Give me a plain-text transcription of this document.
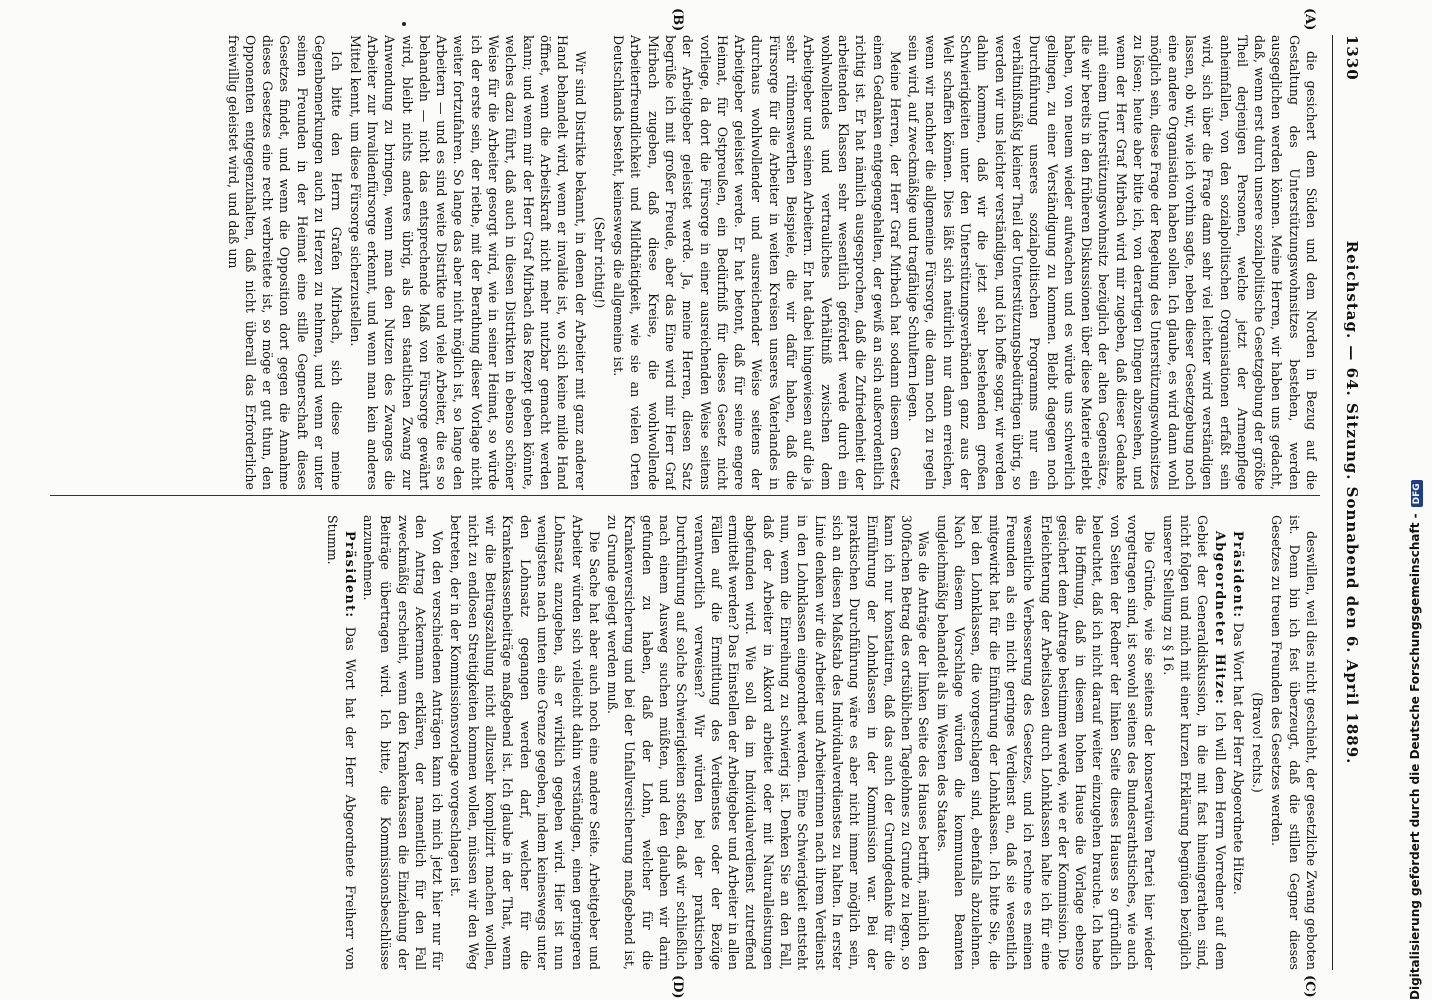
1330
Reichstag. — 64. Sitzung. Sonnabend den 6. April 1889.
(A)
(B)
(C)
(D)

die gesichert dem Süden und dem Norden in Bezug auf die Gestaltung des Unterstützungswohnsitzes bestehen, werden ausgeglichen werden können. Meine Herren, wir haben uns gedacht, daß, wenn erst durch unsere sozialpolitische Gesetzgebung der größte Theil derjenigen Personen, welche jetzt der Armenpflege anheimfallen, von den sozialpolitischen Organisationen erfaßt sein wird, sich über die Frage dann sehr viel leichter wird verständigen lassen, ob wir, wie ich vorhin sagte, neben dieser Gesetzgebung noch eine andere Organisation haben sollen. Ich glaube, es wird dann wohl möglich sein, diese Frage der Regelung des Unterstützungswohnsitzes zu lösen; heute aber bitte ich, von derartigen Dingen abzusehen, und wenn der Herr Graf Mirbach wird mir zugeben, daß dieser Gedanke mit einem Unterstützungswohnsitz bezüglich der alten Gegensätze, die wir bereits in den früheren Diskussionen über diese Materie erlebt haben, von neuem wieder aufwachen und es würde uns schwerlich gelingen, zu einer Verständigung zu kommen. Bleibt dagegen noch Durchführung unseres sozialpolitischen Programms nur ein verhältnißmäßig kleiner Theil der Unterstützungsbedürftigen übrig, so werden wir uns leichter verständigen, und ich hoffe sogar, wir werden dahin kommen, daß wir die jetzt sehr bestehenden großen Schwierigkeiten unter den Unterstützungsverbänden ganz aus der Welt schaffen können. Dies läßt sich natürlich nur dann erreichen, wenn wir nachher die allgemeine Fürsorge, die dann noch zu regeln sein wird, auf zweckmäßige und tragfähige Schultern legen.

Meine Herren, der Herr Graf Mirbach hat sodann diesem Gesetz einen Gedanken entgegengehalten, der gewiß an sich außerordentlich richtig ist. Er hat nämlich ausgesprochen, daß die Zufriedenheit der arbeitenden Klassen sehr wesentlich gefördert werde durch ein wohlwollendes und vertrauliches Verhältniß zwischen dem Arbeitgeber und seinen Arbeitern. Er hat dabei hingewiesen auf die ja sehr rühmenswerthen Beispiele, die wir dafür haben, daß die Fürsorge für die Arbeiter in weiten Kreisen unseres Vaterlandes in durchaus wohlwollender und ausreichender Weise seitens der Arbeitgeber geleistet werde. Er hat betont, daß für seine engere Heimat, für Ostpreußen, ein Bedürfniß für dieses Gesetz nicht vorliege, da dort die Fürsorge in einer ausreichenden Weise seitens der Arbeitgeber geleistet werde. Ja, meine Herren, diesen Satz begrüße ich mit großer Freude, aber das Eine wird mir Herr Graf Mirbach zugeben, daß diese Kreise, die wohlwollende Arbeiterfreundlichkeit und Mildthätigkeit, wie sie an vielen Orten Deutschlands besteht, keineswegs die allgemeine ist.

(Sehr richtig!)

Wir sind Distrikte bekannt, in denen der Arbeiter mit ganz anderer Hand behandelt wird, wenn er invalide ist, wo sich keine milde Hand öffnet, wenn die Arbeitskraft nicht mehr nutzbar gemacht werden kann; und wenn mir der Herr Graf Mirbach das Rezept geben könnte, welches dazu führt, daß auch in diesen Distrikten in ebenso schöner Weise für die Arbeiter gesorgt wird, wie in seiner Heimat, so würde ich der erste sein, der riethe, mit der Berathung dieser Vorlage nicht weiter fortzufahren. So lange das aber nicht möglich ist, so lange den Arbeitern — und es sind weite Distrikte und viele Arbeiter, die es so behandeln — nicht das entsprechende Maß von Fürsorge gewährt wird, bleibt nichts anderes übrig, als den staatlichen Zwang zur Anwendung zu bringen, wenn man den Nutzen des Zwanges die Arbeiter zur Invalidenfürsorge erkennt, und wenn man kein anderes Mittel kennt, um diese Fürsorge sicherzustellen.

Ich bitte den Herrn Grafen Mirbach, sich diese meine Gegenbemerkungen auch zu Herzen zu nehmen, und wenn er unter seinen Freunden in der Heimat eine stille Gegnerschaft dieses Gesetzes findet, und wenn die Opposition dort gegen die Annahme dieses Gesetzes eine recht verbreitete ist, so möge er gut thun, den Opponenten entgegenzuhalten, daß nicht überall das Erforderliche freiwillig geleistet wird, und daß um

deswillen, weil dies nicht geschieht, der gesetzliche Zwang geboten ist. Denn bin ich fest überzeugt, daß die stillen Gegner dieses Gesetzes zu treuen Freunden des Gesetzes werden.

(Bravo! rechts.)

Präsident: Das Wort hat der Herr Abgeordnete Hitze.

Abgeordneter Hitze: Ich will dem Herrn Vorredner auf dem Gebiet der Generaldiskussion, in die mit fast hineingerathen sind, nicht folgen und mich mit einer kurzen Erklärung begnügen bezüglich unserer Stellung zu § 16.

Die Gründe, wie sie seitens der konservativen Partei hier wieder vorgetragen sind, ist sowohl seitens des Bundesrathstisches, wie auch von Seiten der Redner der linken Seite dieses Hauses so gründlich beleuchtet, daß ich nicht darauf weiter einzugehen brauche. Ich habe die Hoffnung, daß in diesem hohen Hause die Vorlage ebenso gesichert dem Antrage bestimmen werde, wie er der Kommission. Die Erleichterung der Arbeitslosen durch Lohnklassen halte ich für eine wesentliche Verbesserung des Gesetzes, und ich rechne es meinen Freunden als ein nicht geringes Verdienst an, daß sie wesentlich mitgewirkt hat für die Einführung der Lohnklassen. Ich bitte Sie, die bei den Lohnklassen, die vorgeschlagen sind, ebenfalls abzulehnen. Nach diesem Vorschlage würden die kommunalen Beamten ungleichmäßig behandelt als im Westen des Staates.

Was die Anträge der linken Seite des Hauses betrifft, nämlich den 300fachen Betrag des ortsüblichen Tagelohnes zu Grunde zu legen, so kann ich nur konstatiren, daß das auch der Grundgedanke für die Einführung der Lohnklassen in der Kommission war. Bei der praktischen Durchführung wäre es aber nicht immer möglich sein, sich an diesen Maßstab des Individualverdienstes zu halten. In erster Linie denken wir die Arbeiter und Arbeiterinnen nach ihrem Verdienst in den Lohnklassen eingeordnet werden. Eine Schwierigkeit entsteht nun, wenn die Einreihung zu schwierig ist. Denken Sie an den Fall, daß der Arbeiter in Akkord arbeitet oder mit Naturalleistungen abgefunden wird. Wie soll da im Individualverdienst zutreffend ermittelt werden? Das Einstellen der Arbeitgeber und Arbeiter in allen Fällen auf die Ermittlung des Verdienstes oder der Bezüge verantwortlich verweisen? Wir würden bei der praktischen Durchführung auf solche Schwierigkeiten stoßen, daß wir schließlich nach einem Ausweg suchen müßten, und den glauben wir darin gefunden zu haben, daß der Lohn, welcher für die Krankenversicherung und bei der Unfallversicherung maßgebend ist, zu Grunde gelegt werden muß.

Die Sache hat aber auch noch eine andere Seite. Arbeitgeber und Arbeiter würden sich vielleicht dahin verständigen, einen geringeren Lohnsatz anzugeben, als er wirklich gegeben wird. Hier ist nun wenigstens nach unten eine Grenze gegeben, indem keineswegs unter den Lohnsatz gegangen werden darf, welcher für die Krankenkassenbeiträge maßgebend ist. Ich glaube in der That, wenn wir die Beitragszahlung nicht allzusehr komplizirt machen wollen, nicht zu endlosen Streitigkeiten kommen wollen, müssen wir den Weg betreten, der in der Kommissionsvorlage vorgeschlagen ist.

Von den verschiedenen Anträgen kann ich mich jetzt hier nur für den Antrag Ackermann erklären, der namentlich für den Fall zweckmäßig erscheint, wenn den Krankenkassen die Einziehung der Beiträge übertragen wird. Ich bitte, die Kommissionsbeschlüsse anzunehmen.

Präsident: Das Wort hat der Herr Abgeordnete Freiherr von Stumm.	Digitalisierung gefördert durch die Deutsche Forschungsgemeinschaft -DFG
